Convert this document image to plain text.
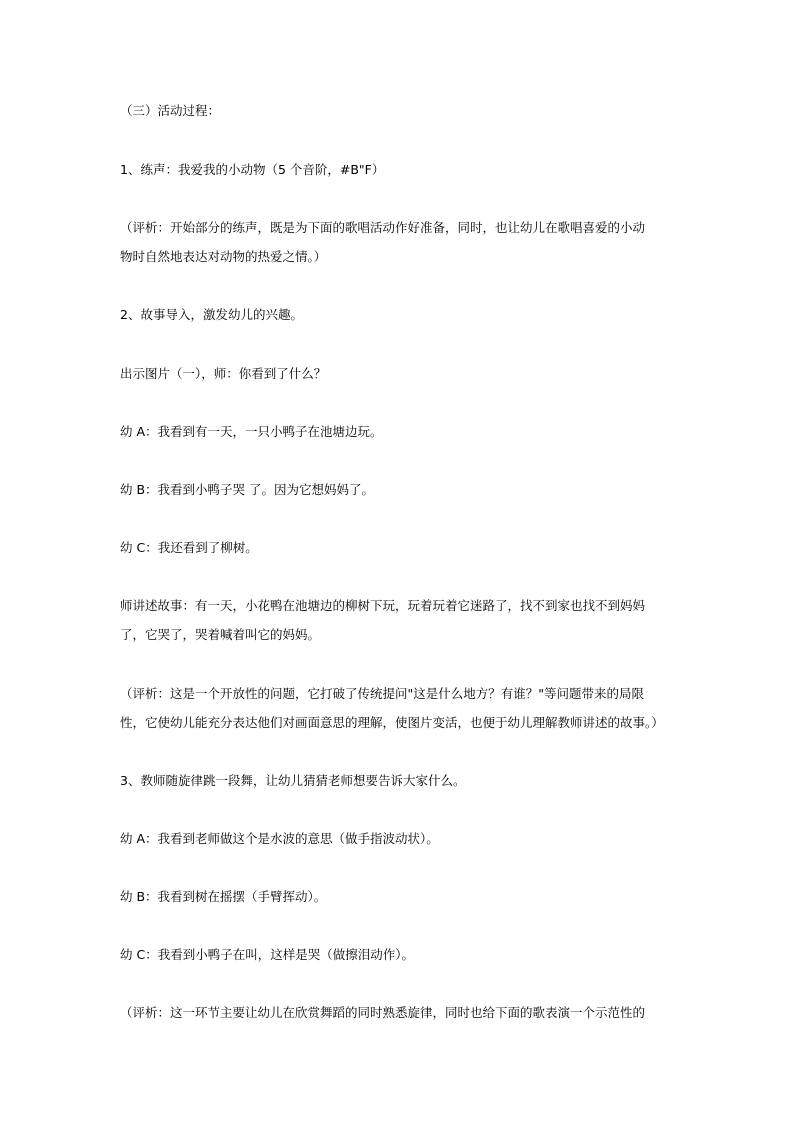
（三）活动过程：
1、练声：我爱我的小动物（5 个音阶，#B"F）
（评析：开始部分的练声，既是为下面的歌唱活动作好准备，同时，也让幼儿在歌唱喜爱的小动
物时自然地表达对动物的热爱之情。）
2、故事导入，激发幼儿的兴趣。
出示图片（一），师：你看到了什么？
幼 A：我看到有一天，一只小鸭子在池塘边玩。
幼 B：我看到小鸭子哭 了。因为它想妈妈了。
幼 C：我还看到了柳树。
师讲述故事：有一天，小花鸭在池塘边的柳树下玩，玩着玩着它迷路了，找不到家也找不到妈妈
了，它哭了，哭着喊着叫它的妈妈。
（评析：这是一个开放性的问题，它打破了传统提问"这是什么地方？有谁？"等问题带来的局限
性，它使幼儿能充分表达他们对画面意思的理解，使图片变活，也便于幼儿理解教师讲述的故事。）
3、教师随旋律跳一段舞，让幼儿猜猜老师想要告诉大家什么。
幼 A：我看到老师做这个是水波的意思（做手指波动状）。
幼 B：我看到树在摇摆（手臂挥动）。
幼 C：我看到小鸭子在叫，这样是哭（做擦泪动作）。
（评析：这一环节主要让幼儿在欣赏舞蹈的同时熟悉旋律，同时也给下面的歌表演一个示范性的
